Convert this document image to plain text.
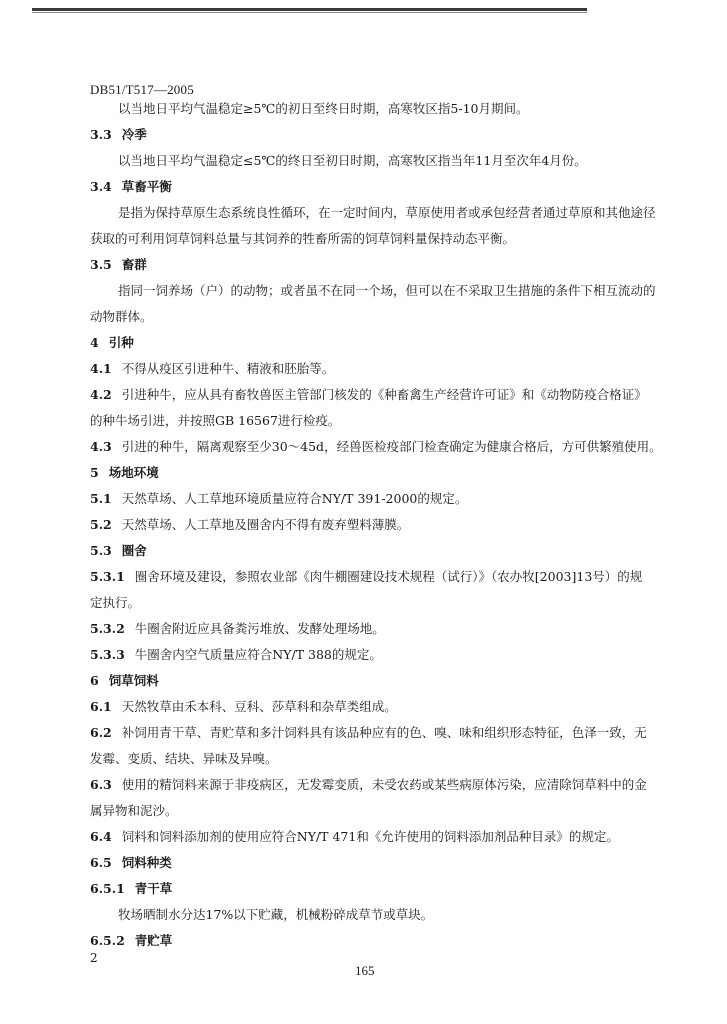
DB51/T517—2005
以当地日平均气温稳定≥5℃的初日至终日时期，高寒牧区指5-10月期间。
3.3 冷季
以当地日平均气温稳定≤5℃的终日至初日时期，高寒牧区指当年11月至次年4月份。
3.4 草畜平衡
是指为保持草原生态系统良性循环，在一定时间内，草原使用者或承包经营者通过草原和其他途径
获取的可利用饲草饲料总量与其饲养的牲畜所需的饲草饲料量保持动态平衡。
3.5 畜群
指同一饲养场（户）的动物；或者虽不在同一个场，但可以在不采取卫生措施的条件下相互流动的
动物群体。
4 引种
4.1 不得从疫区引进种牛、精液和胚胎等。
4.2 引进种牛，应从具有畜牧兽医主管部门核发的《种畜禽生产经营许可证》和《动物防疫合格证》
的种牛场引进，并按照GB 16567进行检疫。
4.3 引进的种牛，隔离观察至少30～45d，经兽医检疫部门检查确定为健康合格后，方可供繁殖使用。
5 场地环境
5.1 天然草场、人工草地环境质量应符合NY/T 391-2000的规定。
5.2 天然草场、人工草地及圈舍内不得有废弃塑料薄膜。
5.3 圈舍
5.3.1 圈舍环境及建设，参照农业部《肉牛棚圈建设技术规程（试行）》（农办牧[2003]13号）的规
定执行。
5.3.2 牛圈舍附近应具备粪污堆放、发酵处理场地。
5.3.3 牛圈舍内空气质量应符合NY/T 388的规定。
6 饲草饲料
6.1 天然牧草由禾本科、豆科、莎草科和杂草类组成。
6.2 补饲用青干草、青贮草和多汁饲料具有该品种应有的色、嗅、味和组织形态特征，色泽一致，无
发霉、变质、结块、异味及异嗅。
6.3 使用的精饲料来源于非疫病区，无发霉变质，未受农药或某些病原体污染，应清除饲草料中的金
属异物和泥沙。
6.4 饲料和饲料添加剂的使用应符合NY/T 471和《允许使用的饲料添加剂品种目录》的规定。
6.5 饲料种类
6.5.1 青干草
牧场晒制水分达17%以下贮藏，机械粉碎成草节或草块。
6.5.2 青贮草
2
165
